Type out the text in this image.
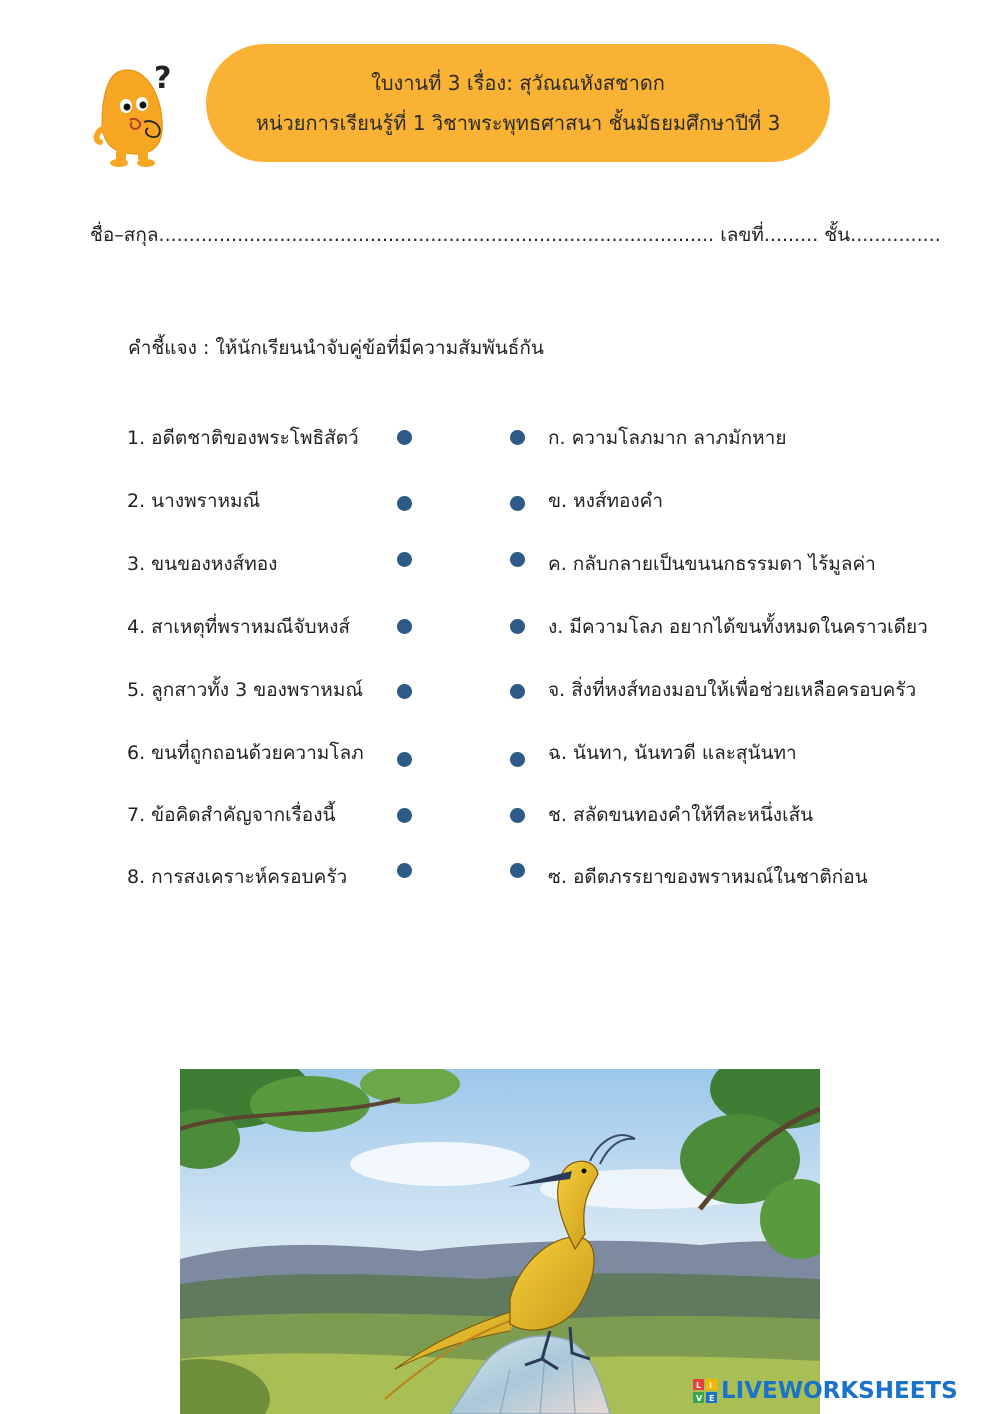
?	ใบงานที่ 3 เรื่อง: สุวัณณหังสชาดก
หน่วยการเรียนรู้ที่ 1 วิชาพระพุทธศาสนา ชั้นมัธยมศึกษาปีที่ 3
ชื่อ–สกุล............................................................................................ เลขที่......... ชั้น...............
คำชี้แจง : ให้นักเรียนนำจับคู่ข้อที่มีความสัมพันธ์กัน
1. อดีตชาติของพระโพธิสัตว์
2. นางพราหมณี
3. ขนของหงส์ทอง
4. สาเหตุที่พราหมณีจับหงส์
5. ลูกสาวทั้ง 3 ของพราหมณ์
6. ขนที่ถูกถอนด้วยความโลภ
7. ข้อคิดสำคัญจากเรื่องนี้
8. การสงเคราะห์ครอบครัว
ก. ความโลภมาก ลาภมักหาย
ข. หงส์ทองคำ
ค. กลับกลายเป็นขนนกธรรมดา ไร้มูลค่า
ง. มีความโลภ อยากได้ขนทั้งหมดในคราวเดียว
จ. สิ่งที่หงส์ทองมอบให้เพื่อช่วยเหลือครอบครัว
ฉ. นันทา, นันทวดี และสุนันทา
ช. สลัดขนทองคำให้ทีละหนึ่งเส้น
ซ. อดีตภรรยาของพราหมณ์ในชาติก่อน
L I
V E LIVEWORKSHEETS
